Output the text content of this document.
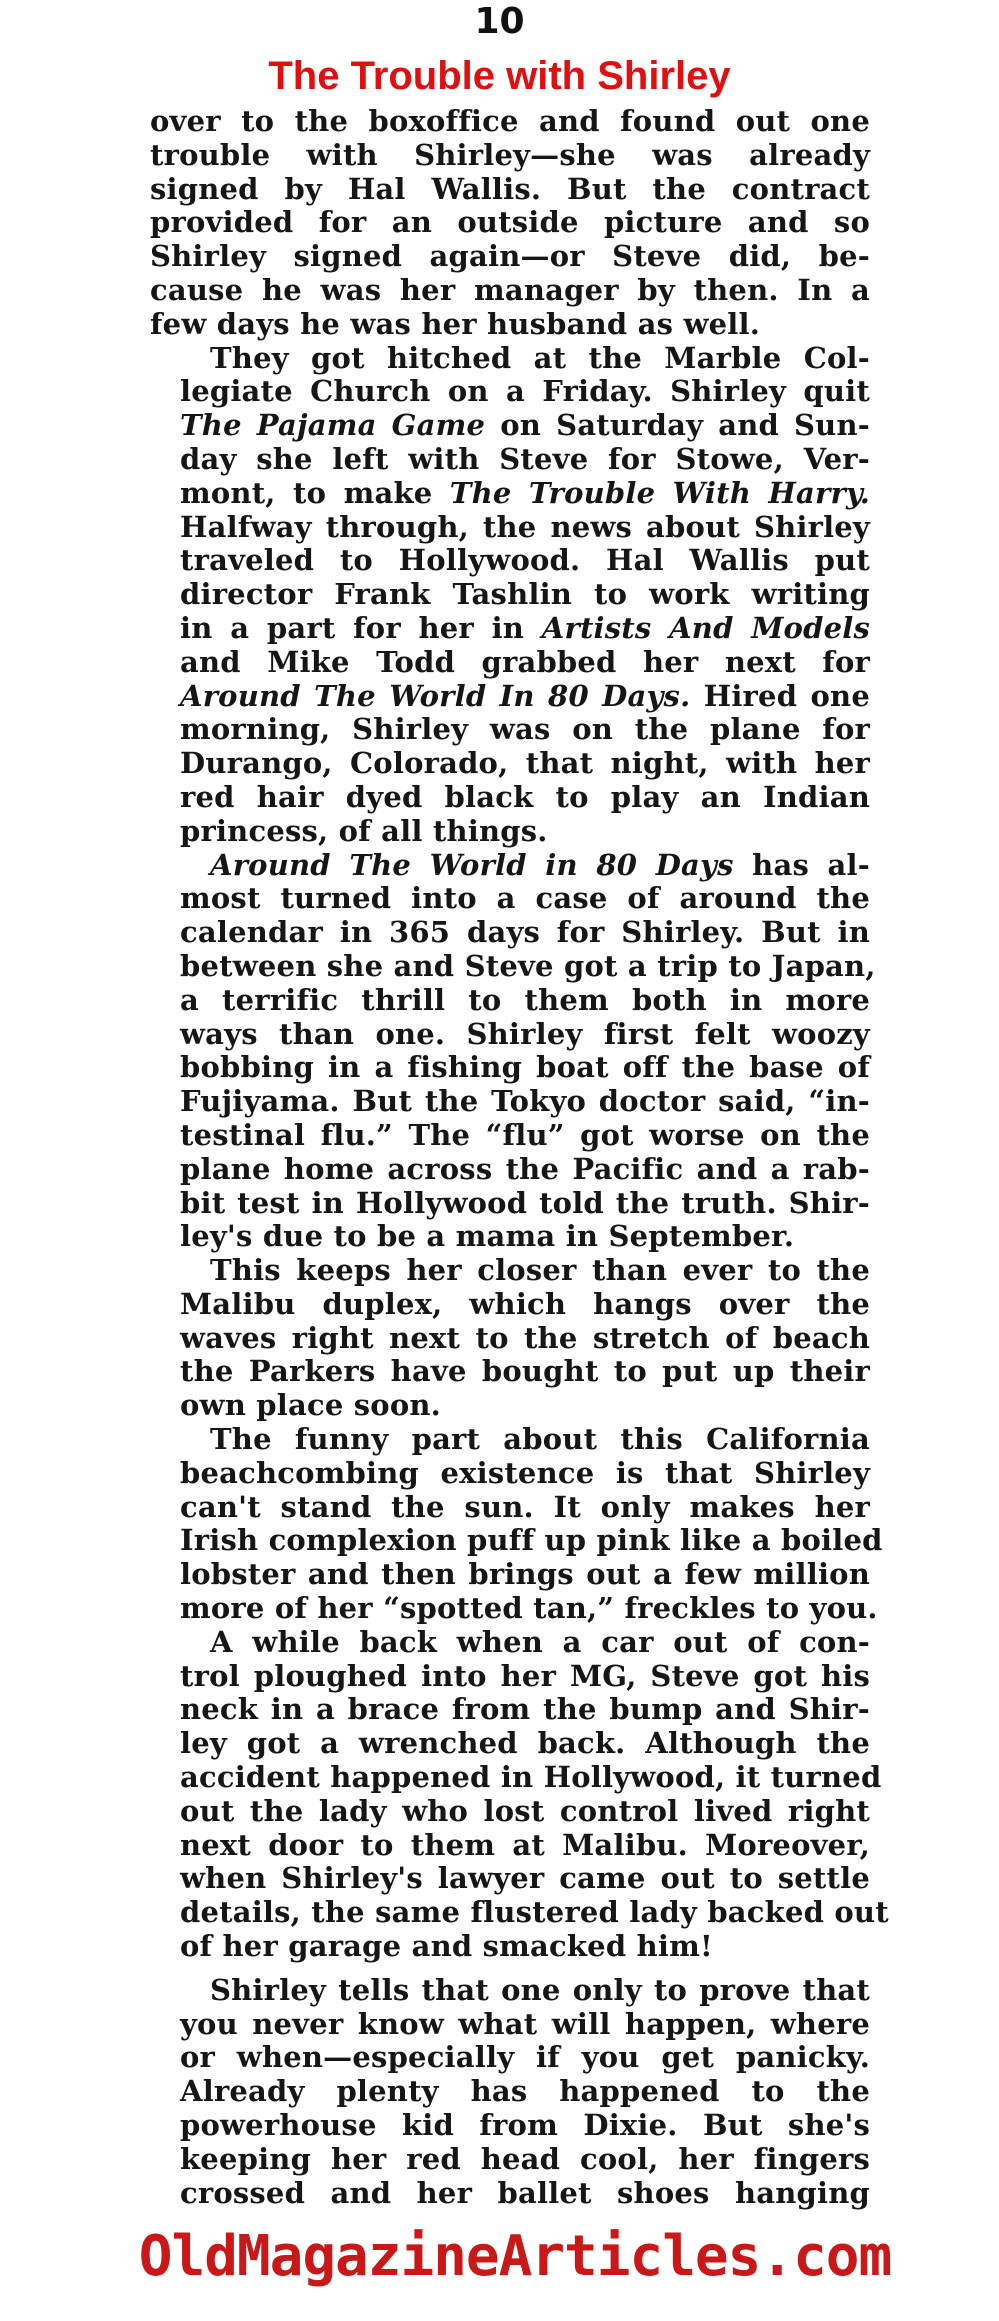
10
The Trouble with Shirley
over to the boxoffice and found out one
trouble with Shirley—she was already
signed by Hal Wallis. But the contract
provided for an outside picture and so
Shirley signed again—or Steve did, be-
cause he was her manager by then. In a
few days he was her husband as well.
They got hitched at the Marble Col-
legiate Church on a Friday. Shirley quit
The Pajama Game on Saturday and Sun-
day she left with Steve for Stowe, Ver-
mont, to make The Trouble With Harry.
Halfway through, the news about Shirley
traveled to Hollywood. Hal Wallis put
director Frank Tashlin to work writing
in a part for her in Artists And Models
and Mike Todd grabbed her next for
Around The World In 80 Days. Hired one
morning, Shirley was on the plane for
Durango, Colorado, that night, with her
red hair dyed black to play an Indian
princess, of all things.
Around The World in 80 Days has al-
most turned into a case of around the
calendar in 365 days for Shirley. But in
between she and Steve got a trip to Japan,
a terrific thrill to them both in more
ways than one. Shirley first felt woozy
bobbing in a fishing boat off the base of
Fujiyama. But the Tokyo doctor said, “in-
testinal flu.” The “flu” got worse on the
plane home across the Pacific and a rab-
bit test in Hollywood told the truth. Shir-
ley's due to be a mama in September.
This keeps her closer than ever to the
Malibu duplex, which hangs over the
waves right next to the stretch of beach
the Parkers have bought to put up their
own place soon.
The funny part about this California
beachcombing existence is that Shirley
can't stand the sun. It only makes her
Irish complexion puff up pink like a boiled
lobster and then brings out a few million
more of her “spotted tan,” freckles to you.
A while back when a car out of con-
trol ploughed into her MG, Steve got his
neck in a brace from the bump and Shir-
ley got a wrenched back. Although the
accident happened in Hollywood, it turned
out the lady who lost control lived right
next door to them at Malibu. Moreover,
when Shirley's lawyer came out to settle
details, the same flustered lady backed out
of her garage and smacked him!
Shirley tells that one only to prove that
you never know what will happen, where
or when—especially if you get panicky.
Already plenty has happened to the
powerhouse kid from Dixie. But she's
keeping her red head cool, her fingers
crossed and her ballet shoes hanging
OldMagazineArticles.com
